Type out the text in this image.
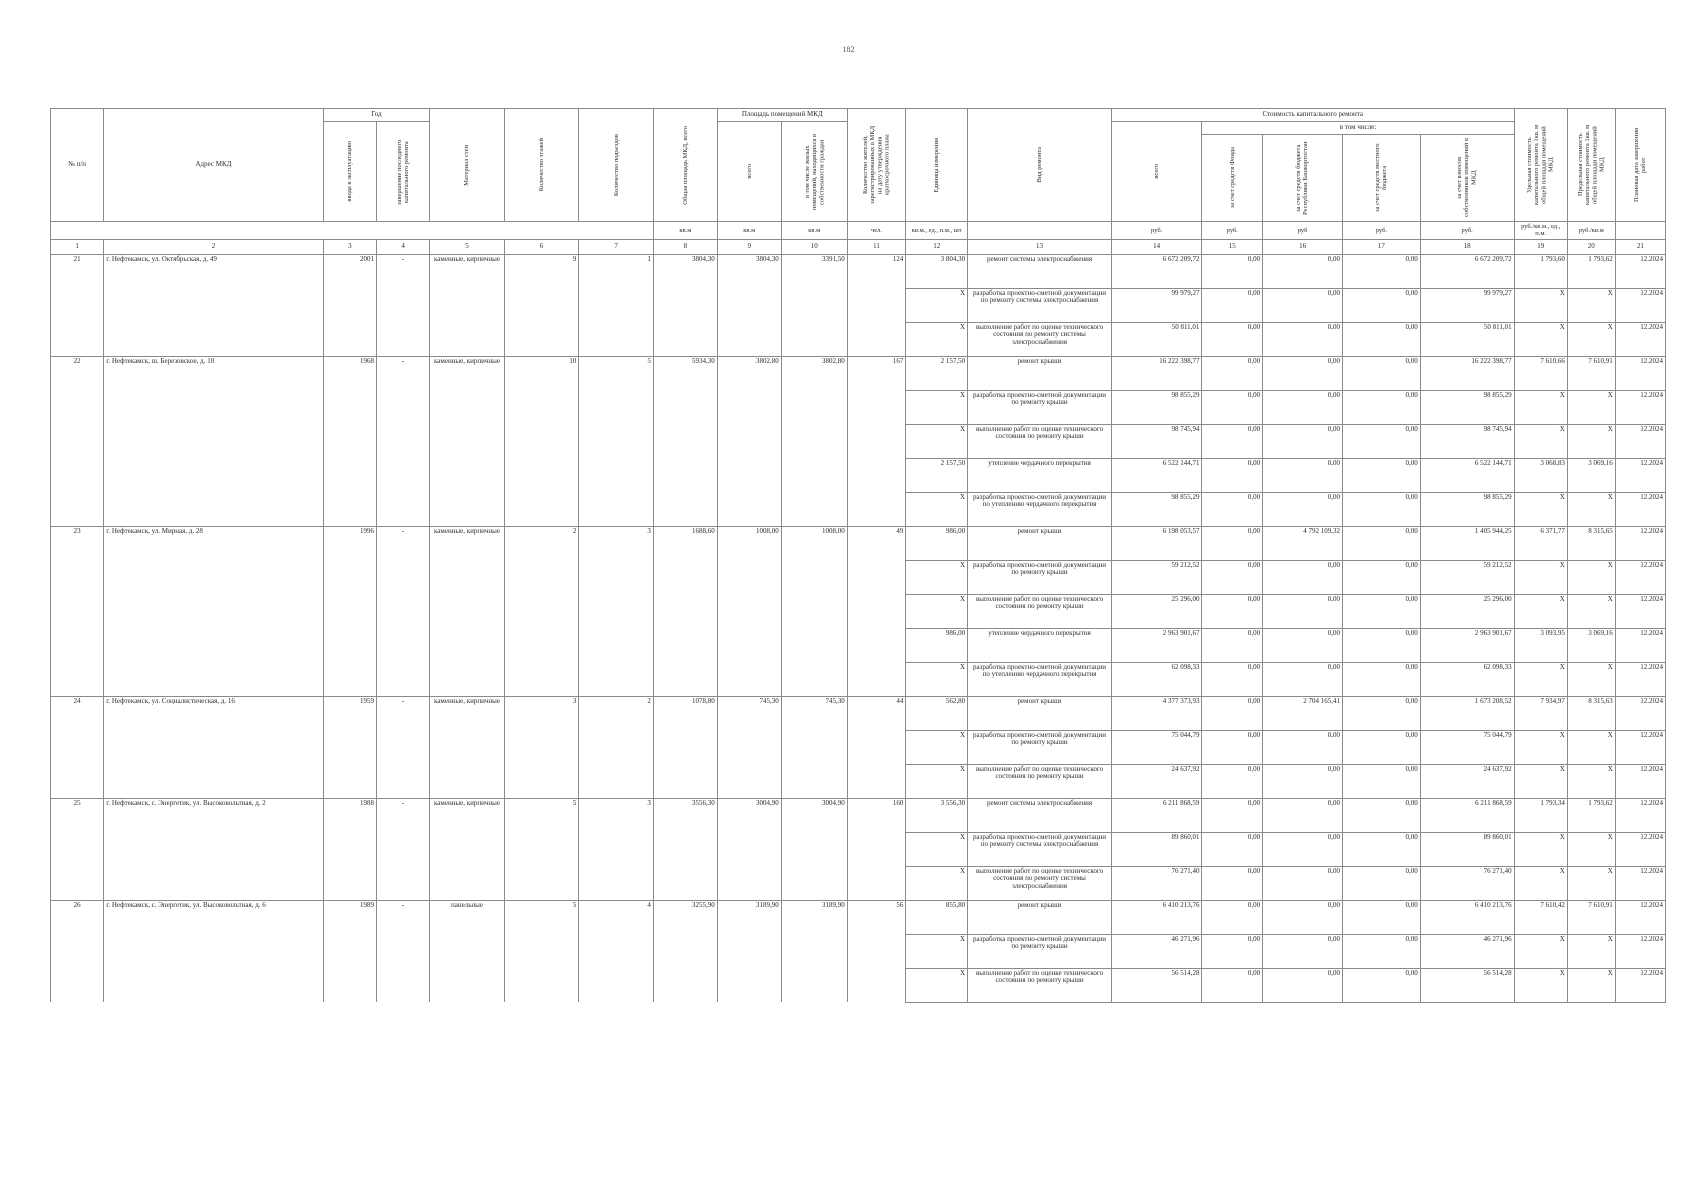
182
№ п/п	Адрес МКД	Год		Материал стен	Количество этажей	Количество подъездов	Общая площадь МКД, всего	Площадь помещений МКД		Количество жителей, зарегистрированных в МКД на дату утверждения краткосрочного плана	Единица измерения	Вид ремонта	Стоимость капитального ремонта					Удельная стоимость капитального ремонта 1кв. м общей площади помещений МКД	Предельная стоимость капитального ремонта 1кв. м общей площади помещений МКД	Плановая дата завершения работ

		ввода в эксплуатацию	завершение последнего капитального ремонта					всего	в том числе жилых помещений, находящихся в собственности граждан				всего	в том числе:						

														за счет средств Фонда	за счет средств бюджета Республики Башкортостан	за счет средств местного бюджета	за счет взносов собственников помещений в МКД			

							кв.м	кв.м	кв.м	чел.	кв.м., ед., п.м., шт		руб.	руб.	руб	руб.	руб.	руб./кв.м., ед., п.м.	руб./кв.м	
1	2	3	4	5	6	7	8	9	10	11	12	13	14	15	16	17	18	19	20	21
21	г. Нефтекамск, ул. Октябрьская, д. 49	2001	-	каменные, кирпичные	9	1	3804,30	3804,30	3391,50	124	3 804,30	ремонт системы электроснабжения	6 672 209,72	0,00	0,00	0,00	6 672 209,72	1 793,60	1 793,62	12.2024
											X	разработка проектно-сметной документации по ремонту системы электроснабжения	99 979,27	0,00	0,00	0,00	99 979,27	X	X	12.2024
											X	выполнение работ по оценке технического состояния по ремонту системы электроснабжения	50 811,01	0,00	0,00	0,00	50 811,01	X	X	12.2024
22	г. Нефтекамск, ш. Березовское, д. 10	1968	-	каменные, кирпичные	10	5	5934,30	3802,80	3802,80	167	2 157,50	ремонт крыши	16 222 398,77	0,00	0,00	0,00	16 222 398,77	7 610,66	7 610,91	12.2024
											X	разработка проектно-сметной документации по ремонту крыши	98 855,29	0,00	0,00	0,00	98 855,29	X	X	12.2024
											X	выполнение работ по оценке технического состояния по ремонту крыши	98 745,94	0,00	0,00	0,00	98 745,94	X	X	12.2024
											2 157,50	утепление чердачного перекрытия	6 522 144,71	0,00	0,00	0,00	6 522 144,71	3 068,83	3 069,16	12.2024
											X	разработка проектно-сметной документации по утеплению чердачного перекрытия	98 855,29	0,00	0,00	0,00	98 855,29	X	X	12.2024
23	г. Нефтекамск, ул. Мирная, д. 28	1996	-	каменные, кирпичные	2	3	1688,60	1008,00	1008,00	49	986,00	ремонт крыши	6 198 053,57	0,00	4 792 109,32	0,00	1 405 944,25	6 371,77	8 315,65	12.2024
											X	разработка проектно-сметной документации по ремонту крыши	59 212,52	0,00	0,00	0,00	59 212,52	X	X	12.2024
											X	выполнение работ по оценке технического состояния по ремонту крыши	25 296,00	0,00	0,00	0,00	25 296,00	X	X	12.2024
											986,00	утепление чердачного перекрытия	2 963 901,67	0,00	0,00	0,00	2 963 901,67	3 093,95	3 069,16	12.2024
											X	разработка проектно-сметной документации по утеплению чердачного перекрытия	62 098,33	0,00	0,00	0,00	62 098,33	X	X	12.2024
24	г. Нефтекамск, ул. Социалистическая, д. 16	1959	-	каменные, кирпичные	3	2	1078,80	745,30	745,30	44	562,80	ремонт крыши	4 377 373,93	0,00	2 704 165,41	0,00	1 673 208,52	7 934,97	8 315,63	12.2024
											X	разработка проектно-сметной документации по ремонту крыши	75 044,79	0,00	0,00	0,00	75 044,79	X	X	12.2024
											X	выполнение работ по оценке технического состояния по ремонту крыши	24 637,92	0,00	0,00	0,00	24 637,92	X	X	12.2024
25	г. Нефтекамск, с. Энергетик, ул. Высоковольтная, д. 2	1988	-	каменные, кирпичные	5	3	3556,30	3004,90	3004,90	160	3 556,30	ремонт системы электроснабжения	6 211 868,59	0,00	0,00	0,00	6 211 868,59	1 793,34	1 793,62	12.2024
											X	разработка проектно-сметной документации по ремонту системы электроснабжения	89 860,01	0,00	0,00	0,00	89 860,01	X	X	12.2024
											X	выполнение работ по оценке технического состояния по ремонту системы электроснабжения	76 271,40	0,00	0,00	0,00	76 271,40	X	X	12.2024
26	г. Нефтекамск, с. Энергетик, ул. Высоковольтная, д. 6	1989	-	панельные	5	4	3255,90	3189,90	3189,90	56	855,80	ремонт крыши	6 410 213,76	0,00	0,00	0,00	6 410 213,76	7 610,42	7 610,91	12.2024
											X	разработка проектно-сметной документации по ремонту крыши	46 271,96	0,00	0,00	0,00	46 271,96	X	X	12.2024
											X	выполнение работ по оценке технического состояния по ремонту крыши	56 514,28	0,00	0,00	0,00	56 514,28	X	X	12.2024
